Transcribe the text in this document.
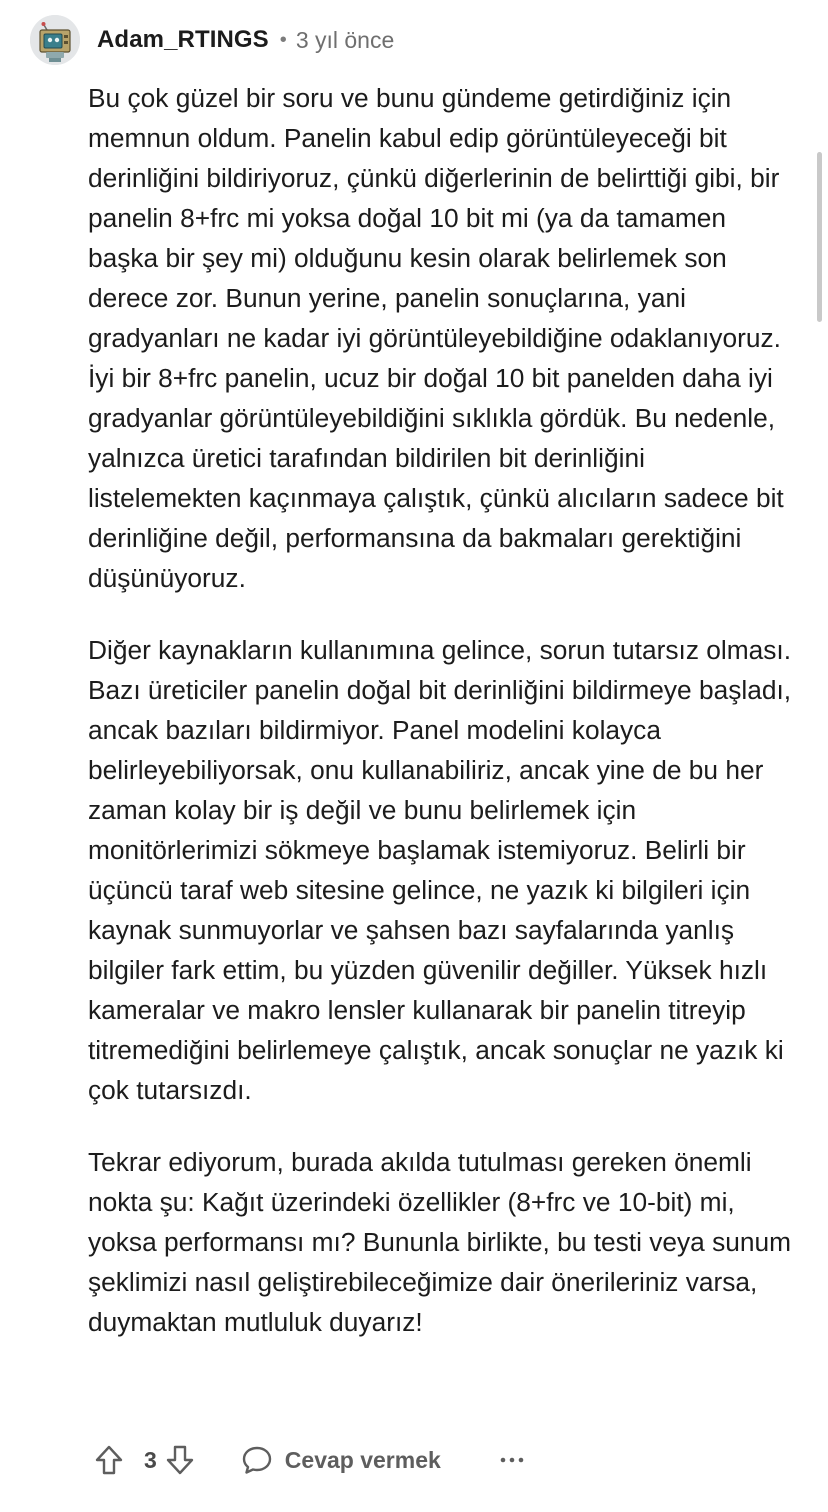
Adam_RTINGS • 3 yıl önce

Bu çok güzel bir soru ve bunu gündeme getirdiğiniz için memnun oldum. Panelin kabul edip görüntüleyeceği bit derinliğini bildiriyoruz, çünkü diğerlerinin de belirttiği gibi, bir panelin 8+frc mi yoksa doğal 10 bit mi (ya da tamamen başka bir şey mi) olduğunu kesin olarak belirlemek son derece zor. Bunun yerine, panelin sonuçlarına, yani gradyanları ne kadar iyi görüntüleyebildiğine odaklanıyoruz. İyi bir 8+frc panelin, ucuz bir doğal 10 bit panelden daha iyi gradyanlar görüntüleyebildiğini sıklıkla gördük. Bu nedenle, yalnızca üretici tarafından bildirilen bit derinliğini listelemekten kaçınmaya çalıştık, çünkü alıcıların sadece bit derinliğine değil, performansına da bakmaları gerektiğini düşünüyoruz.

Diğer kaynakların kullanımına gelince, sorun tutarsız olması. Bazı üreticiler panelin doğal bit derinliğini bildirmeye başladı, ancak bazıları bildirmiyor. Panel modelini kolayca belirleyebiliyorsak, onu kullanabiliriz, ancak yine de bu her zaman kolay bir iş değil ve bunu belirlemek için monitörlerimizi sökmeye başlamak istemiyoruz. Belirli bir üçüncü taraf web sitesine gelince, ne yazık ki bilgileri için kaynak sunmuyorlar ve şahsen bazı sayfalarında yanlış bilgiler fark ettim, bu yüzden güvenilir değiller. Yüksek hızlı kameralar ve makro lensler kullanarak bir panelin titreyip titremediğini belirlemeye çalıştık, ancak sonuçlar ne yazık ki çok tutarsızdı.

Tekrar ediyorum, burada akılda tutulması gereken önemli nokta şu: Kağıt üzerindeki özellikler (8+frc ve 10-bit) mi, yoksa performansı mı? Bununla birlikte, bu testi veya sunum şeklimizi nasıl geliştirebileceğimize dair önerileriniz varsa, duymaktan mutluluk duyarız!

3	Cevap vermek
